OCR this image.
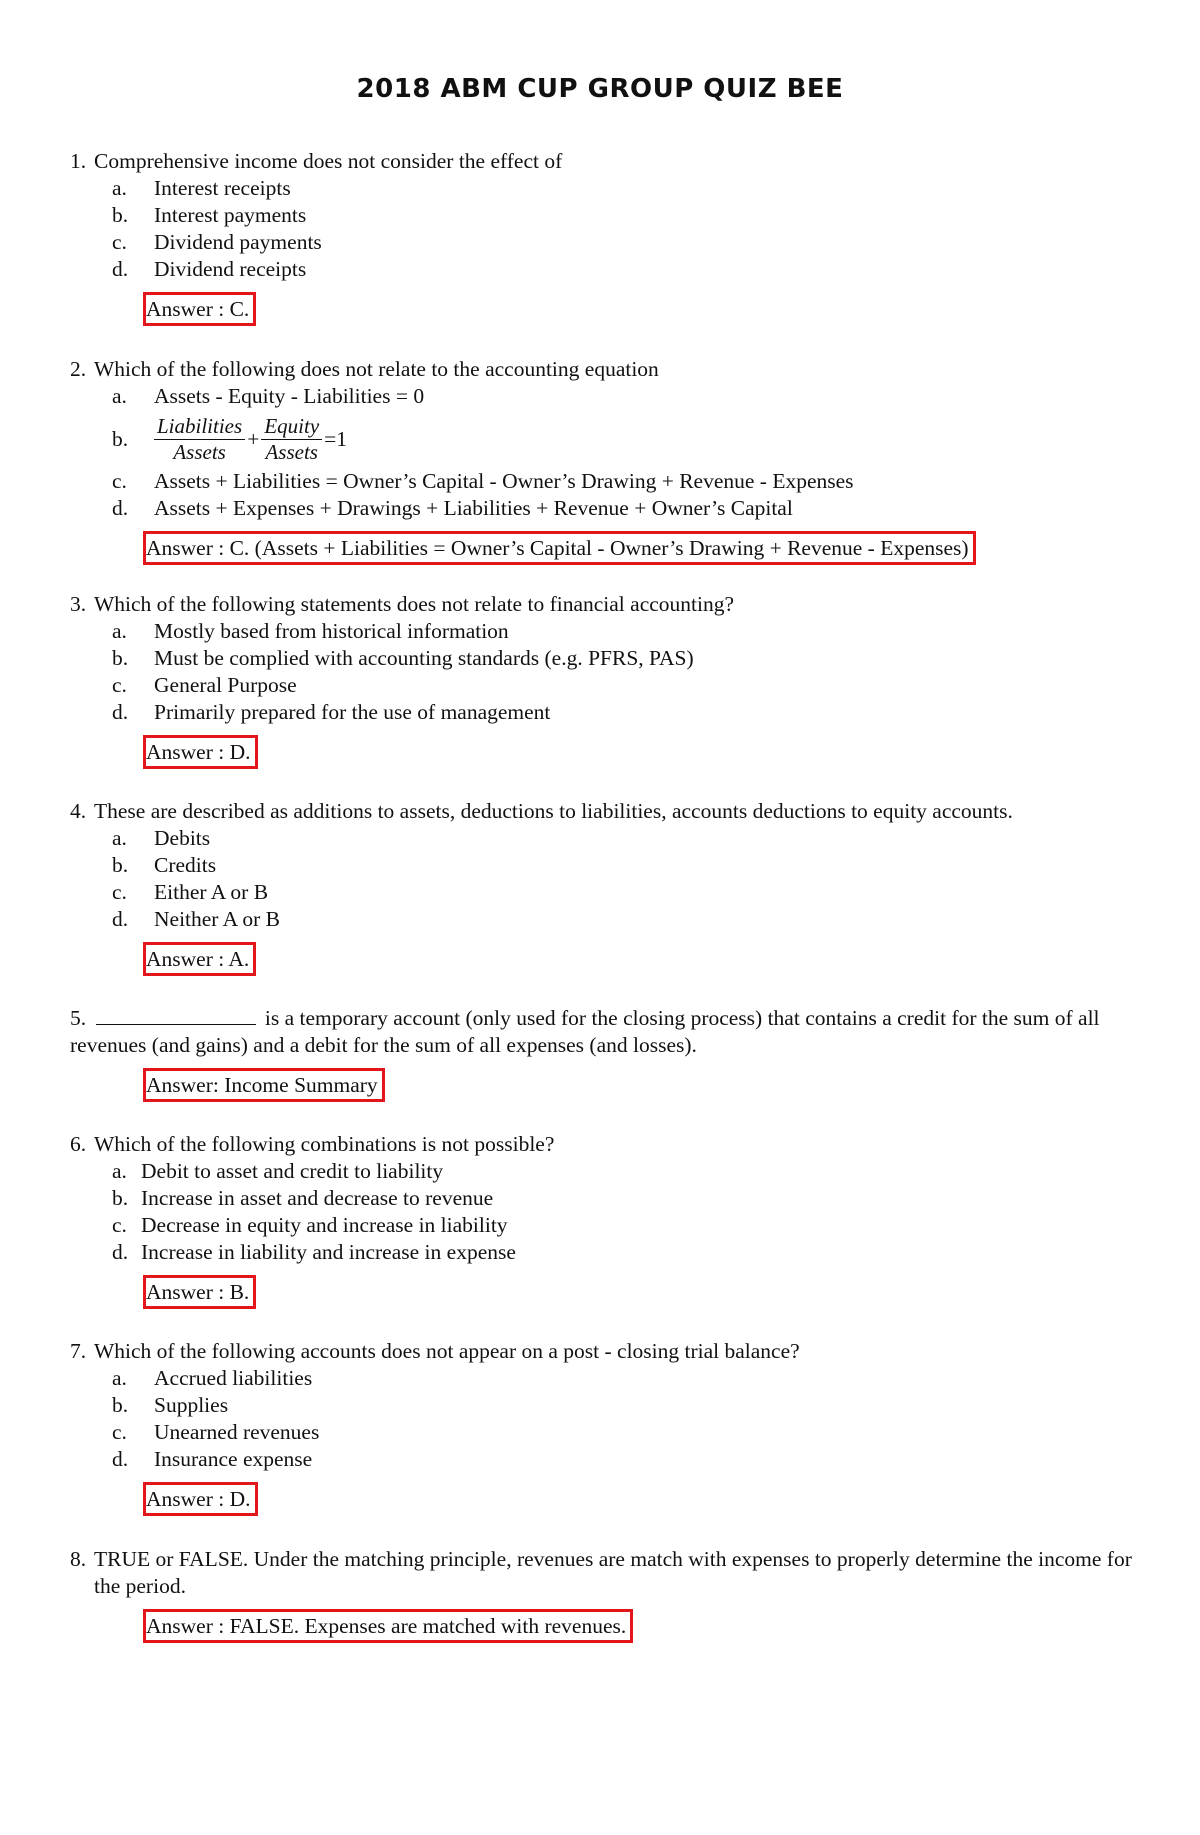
2018 ABM CUP GROUP QUIZ BEE
1. Comprehensive income does not consider the effect of
a.	Interest receipts
b.	Interest payments
c.	Dividend payments
d.	Dividend receipts
Answer : C.
2. Which of the following does not relate to the accounting equation
a.	Assets - Equity - Liabilities = 0
b.	$\frac{\text{Liabilities}}{\text{Assets}} + \frac{\text{Equity}}{\text{Assets}} =1$
c.	Assets + Liabilities = Owner’s Capital - Owner’s Drawing + Revenue - Expenses
d.	Assets + Expenses + Drawings + Liabilities + Revenue + Owner’s Capital
Answer : C. (Assets + Liabilities = Owner’s Capital - Owner’s Drawing + Revenue - Expenses)
3. Which of the following statements does not relate to financial accounting?
a.	Mostly based from historical information
b.	Must be complied with accounting standards (e.g. PFRS, PAS)
c.	General Purpose
d.	Primarily prepared for the use of management
Answer : D.
4. These are described as additions to assets, deductions to liabilities, accounts deductions to equity accounts.
a.	Debits
b.	Credits
c.	Either A or B
d.	Neither A or B
Answer : A.
5.	is a temporary account (only used for the closing process) that contains a credit for the sum of all revenues (and gains) and a debit for the sum of all expenses (and losses).
Answer: Income Summary
6. Which of the following combinations is not possible?
a. Debit to asset and credit to liability
b. Increase in asset and decrease to revenue
c. Decrease in equity and increase in liability
d. Increase in liability and increase in expense
Answer : B.
7. Which of the following accounts does not appear on a post - closing trial balance?
a.	Accrued liabilities
b.	Supplies
c.	Unearned revenues
d.	Insurance expense
Answer : D.
8. TRUE or FALSE. Under the matching principle, revenues are match with expenses to properly determine the income for the period.
Answer : FALSE. Expenses are matched with revenues.
